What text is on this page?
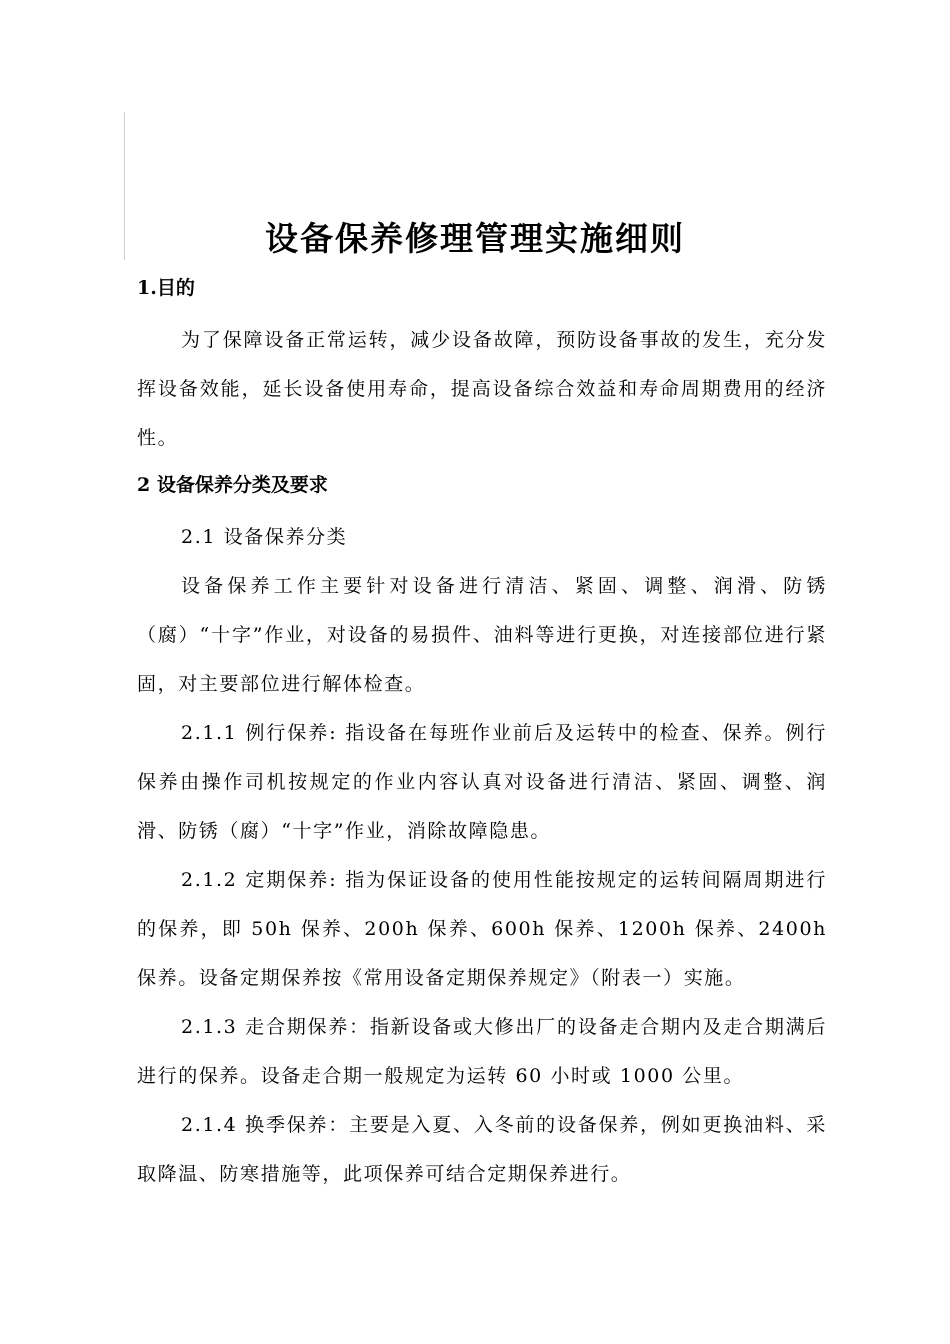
设备保养修理管理实施细则
1.目的

为了保障设备正常运转，减少设备故障，预防设备事故的发生，充分发挥设备效能，延长设备使用寿命，提高设备综合效益和寿命周期费用的经济性。

2 设备保养分类及要求

2.1 设备保养分类

设备保养工作主要针对设备进行清洁、紧固、调整、润滑、防锈（腐）“十字”作业，对设备的易损件、油料等进行更换，对连接部位进行紧固，对主要部位进行解体检查。

2.1.1 例行保养: 指设备在每班作业前后及运转中的检查、保养。例行保养由操作司机按规定的作业内容认真对设备进行清洁、紧固、调整、润滑、防锈（腐）“十字”作业，消除故障隐患。

2.1.2 定期保养: 指为保证设备的使用性能按规定的运转间隔周期进行的保养，即 50h 保养、200h 保养、600h 保养、1200h 保养、2400h 保养。设备定期保养按《常用设备定期保养规定》（附表一）实施。

2.1.3 走合期保养：指新设备或大修出厂的设备走合期内及走合期满后进行的保养。设备走合期一般规定为运转 60 小时或 1000 公里。

2.1.4 换季保养：主要是入夏、入冬前的设备保养，例如更换油料、采取降温、防寒措施等，此项保养可结合定期保养进行。
